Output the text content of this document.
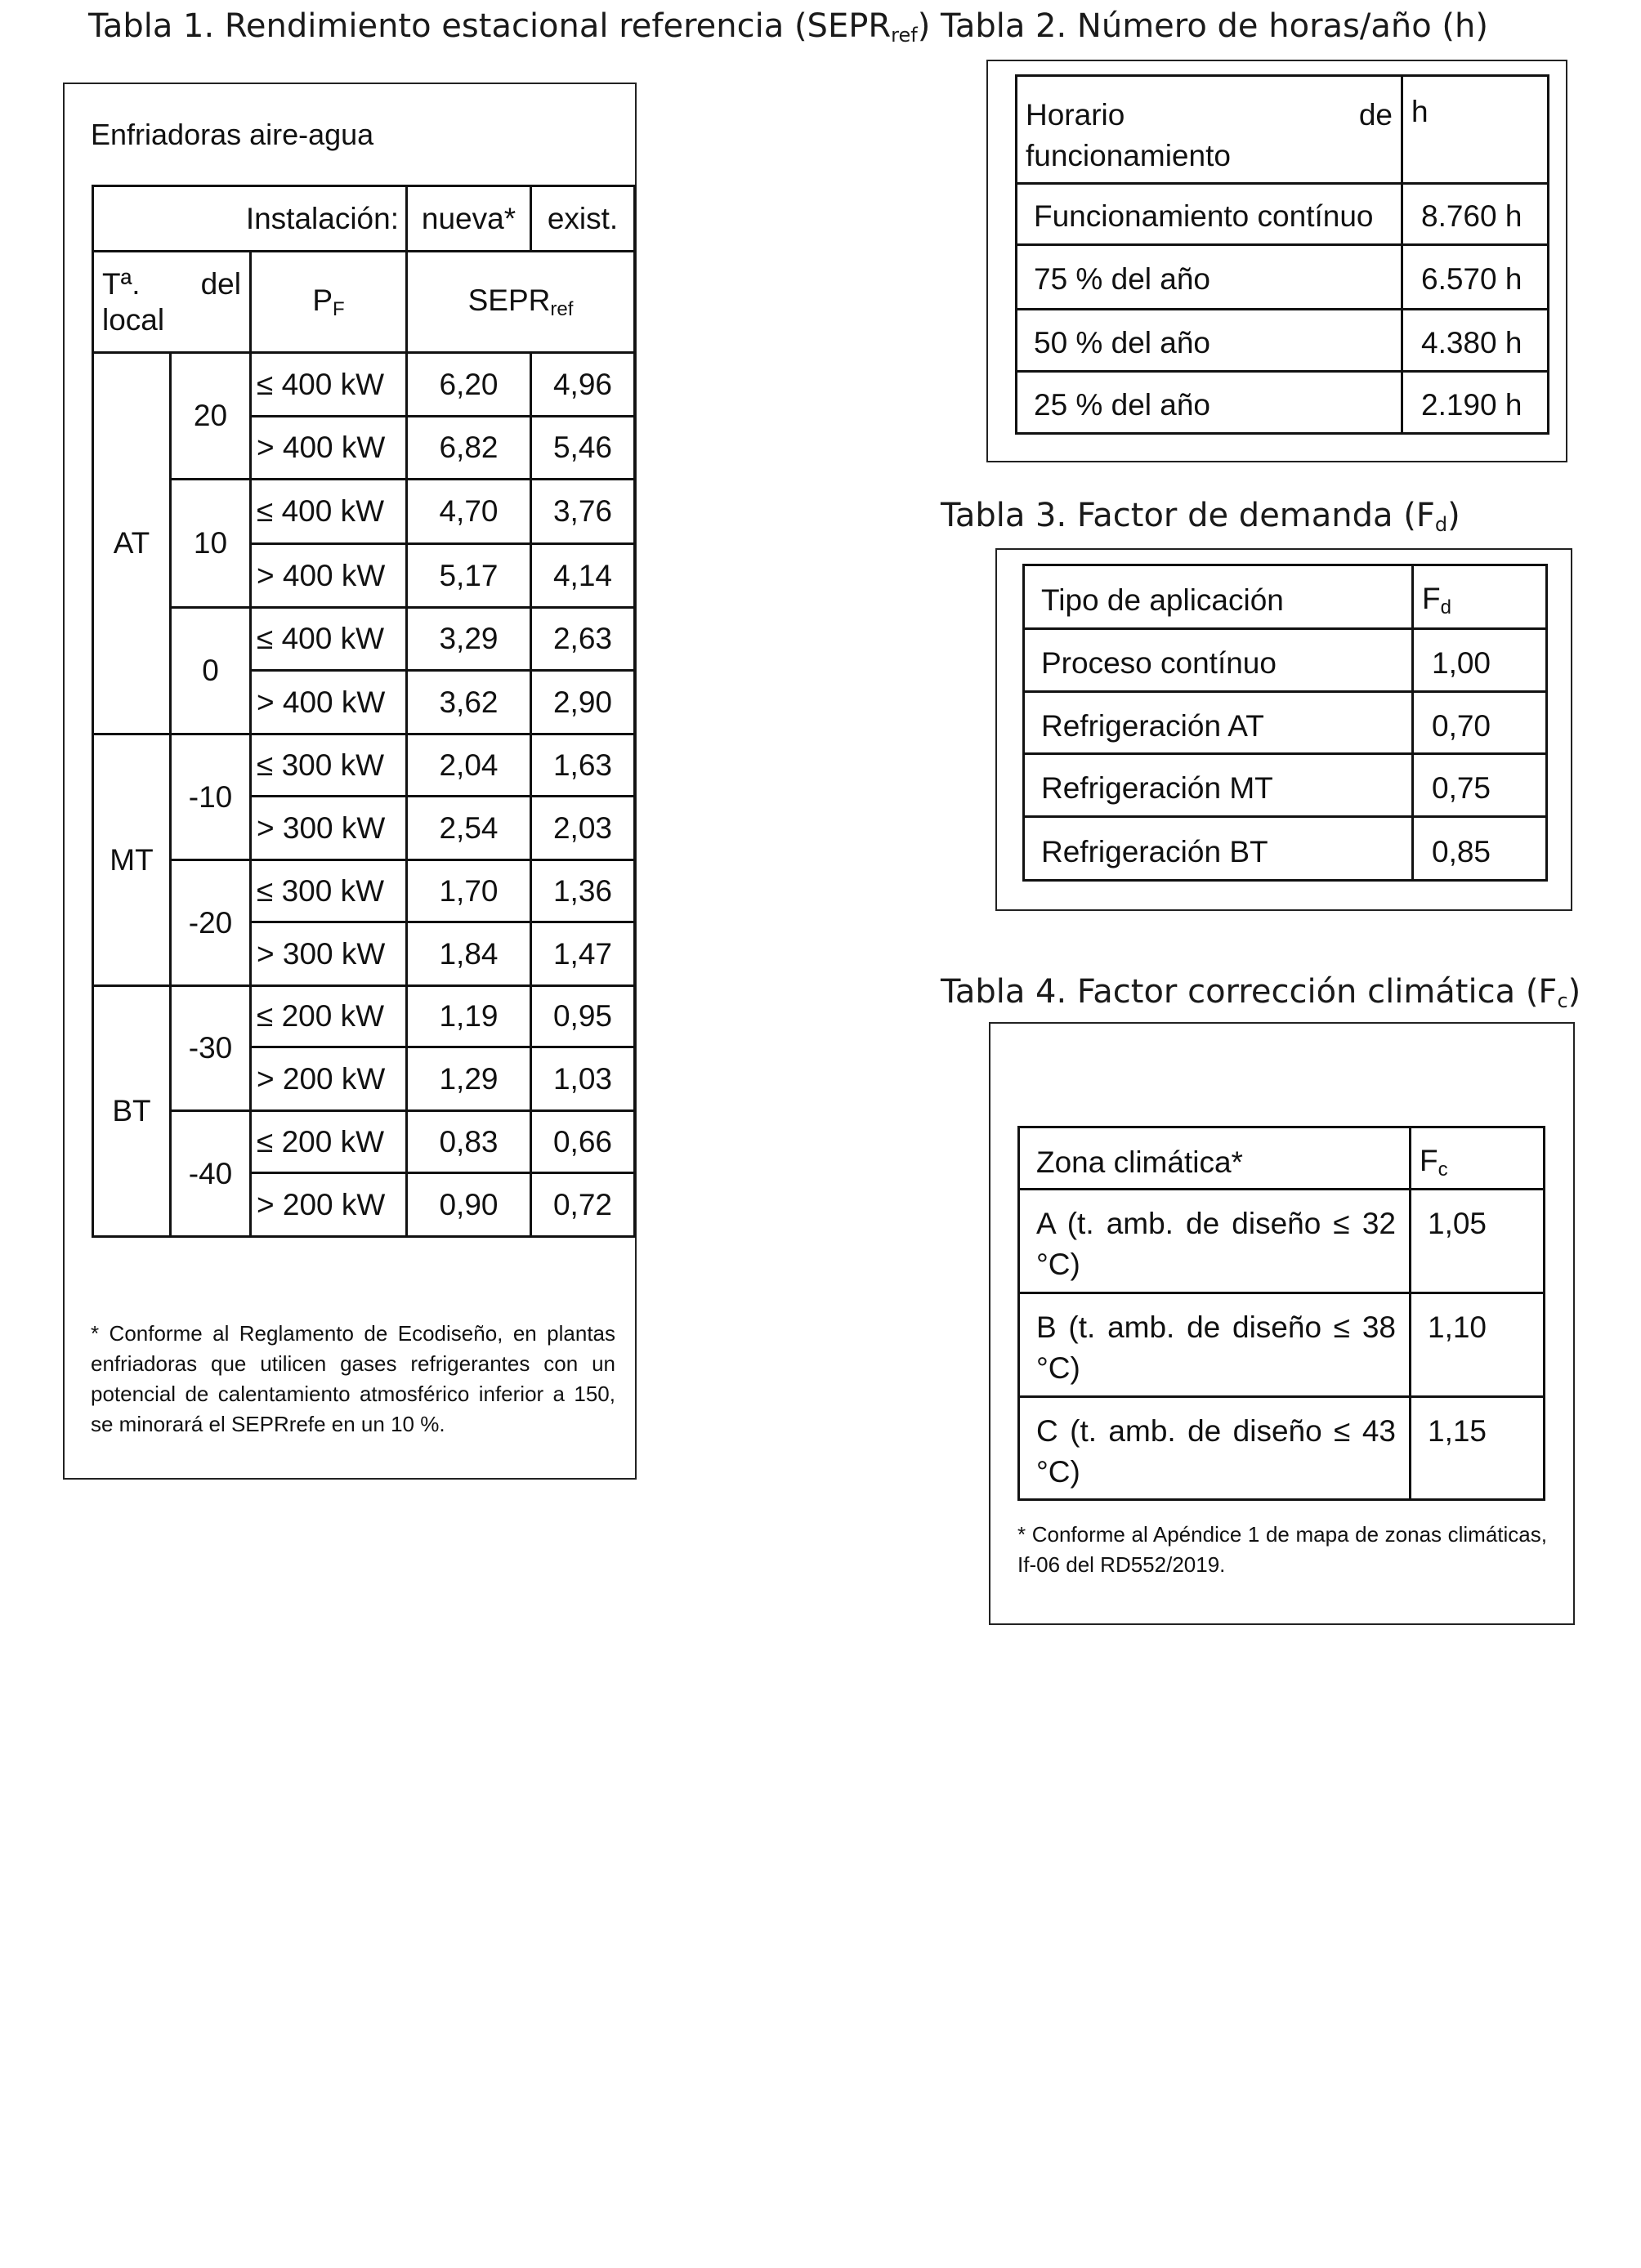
Tabla 1. Rendimiento estacional referencia $(SEPR_{ref})$
Enfriadoras aire-agua
Instalación:			nueva*	exist.

Tª. del
local		$P_F$	$SEPR_{ref}$
AT	20	≤ 400 kW	6,20	4,96
		> 400 kW	6,82	5,46
	10	≤ 400 kW	4,70	3,76
		> 400 kW	5,17	4,14
	0	≤ 400 kW	3,29	2,63
		> 400 kW	3,62	2,90
MT	-10	≤ 300 kW	2,04	1,63
		> 300 kW	2,54	2,03
	-20	≤ 300 kW	1,70	1,36
		> 300 kW	1,84	1,47
BT	-30	≤ 200 kW	1,19	0,95
		> 200 kW	1,29	1,03
	-40	≤ 200 kW	0,83	0,66
		> 200 kW	0,90	0,72
* Conforme al Reglamento de Ecodiseño, en plantas enfriadoras que utilicen gases refrigerantes con un potencial de calentamiento atmosférico inferior a 150, se minorará el SEPRrefe en un 10 %.
Tabla 2. Número de horas/año (h)
Horario de
funcionamiento	h
Funcionamiento contínuo	8.760 h
75 % del año	6.570 h
50 % del año	4.380 h
25 % del año	2.190 h
Tabla 3. Factor de demanda $(F_d)$
Tipo de aplicación	$F_d$
Proceso contínuo	1,00
Refrigeración AT	0,70
Refrigeración MT	0,75
Refrigeración BT	0,85
Tabla 4. Factor corrección climática $(F_c)$
Zona climática*	$F_c$
A (t. amb. de diseño ≤ 32 °C)	1,05
B (t. amb. de diseño ≤ 38 °C)	1,10
C (t. amb. de diseño ≤ 43 °C)	1,15
* Conforme al Apéndice 1 de mapa de zonas climáticas, If-06 del RD552/2019.
